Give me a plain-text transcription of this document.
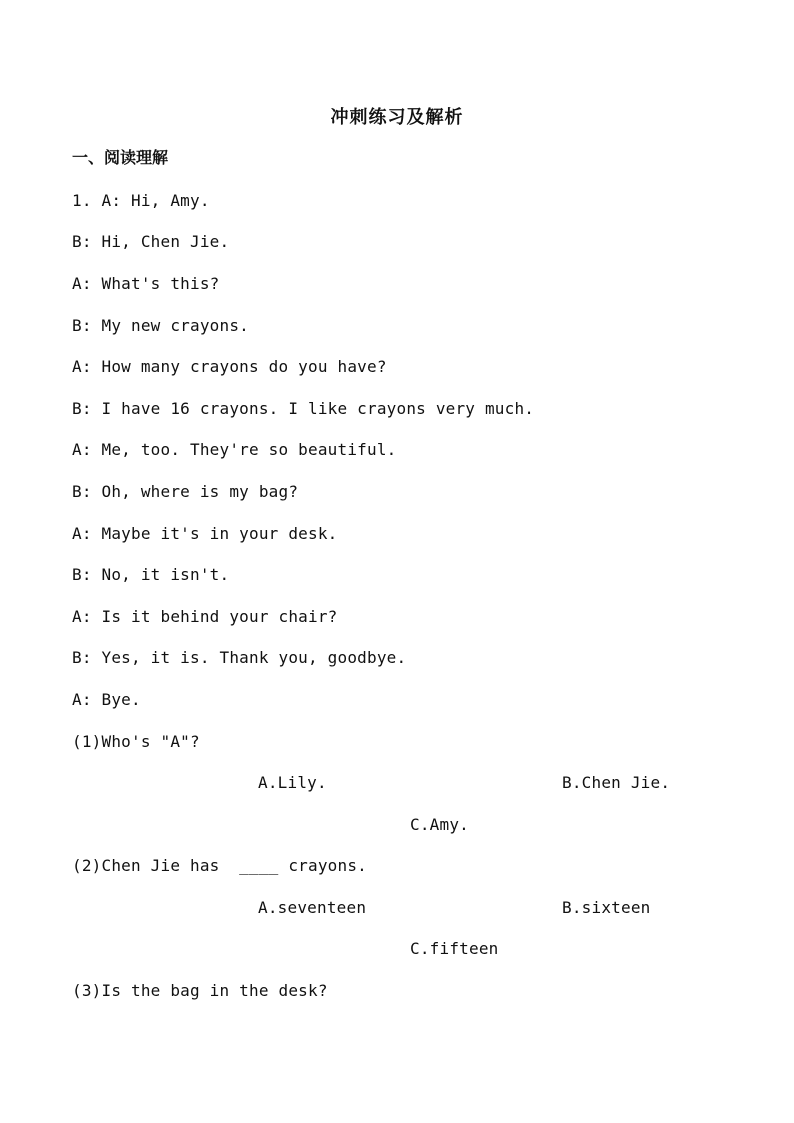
冲刺练习及解析
一、阅读理解
1. A: Hi, Amy.
B: Hi, Chen Jie.
A: What's this?
B: My new crayons.
A: How many crayons do you have?
B: I have 16 crayons. I like crayons very much.
A: Me, too. They're so beautiful.
B: Oh, where is my bag?
A: Maybe it's in your desk.
B: No, it isn't.
A: Is it behind your chair?
B: Yes, it is. Thank you, goodbye.
A: Bye.
(1)Who's "A"?
A.Lily.	B.Chen Jie.
C.Amy.
(2)Chen Jie has  ____ crayons.
A.seventeen	B.sixteen
C.fifteen
(3)Is the bag in the desk?
